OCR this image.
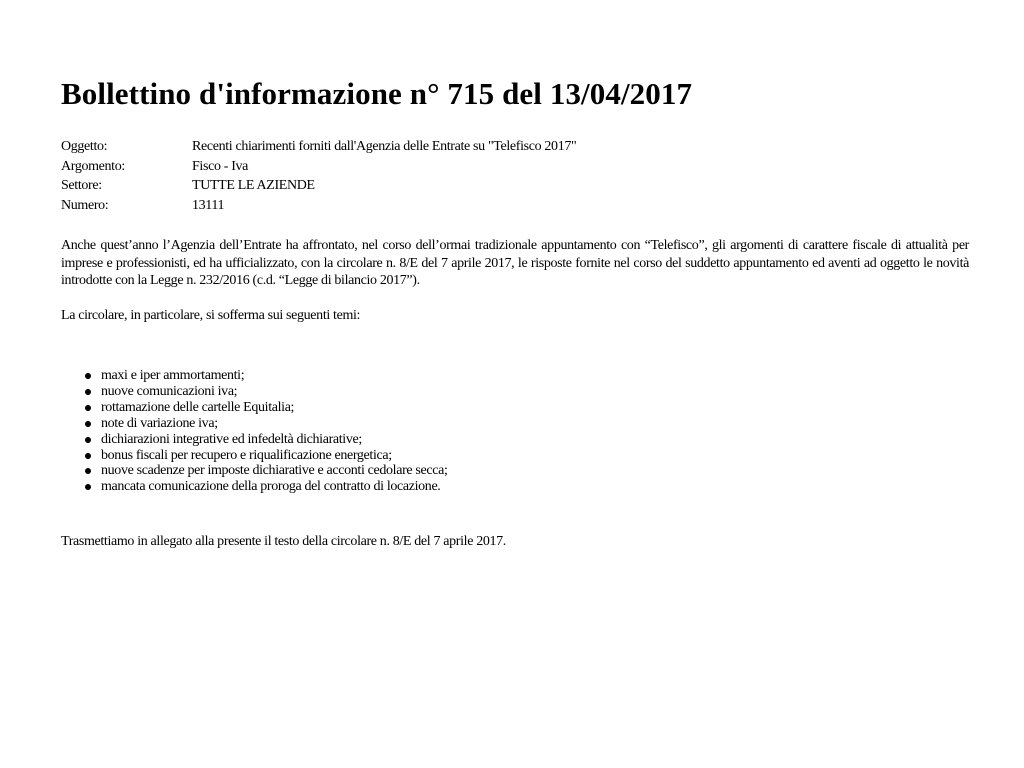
Bollettino d'informazione n° 715 del 13/04/2017
Oggetto:	Recenti chiarimenti forniti dall'Agenzia delle Entrate su "Telefisco 2017"
Argomento:	Fisco - Iva
Settore:	TUTTE LE AZIENDE
Numero:	13111

Anche quest’anno l’Agenzia dell’Entrate ha affrontato, nel corso dell’ormai tradizionale appuntamento con “Telefisco”, gli argomenti di carattere fiscale di attualità per imprese e professionisti, ed ha ufficializzato, con la circolare n. 8/E del 7 aprile 2017, le risposte fornite nel corso del suddetto appuntamento ed aventi ad oggetto le novità introdotte con la Legge n. 232/2016 (c.d. “Legge di bilancio 2017”).

La circolare, in particolare, si sofferma sui seguenti temi:

maxi e iper ammortamenti;
nuove comunicazioni iva;
rottamazione delle cartelle Equitalia;
note di variazione iva;
dichiarazioni integrative ed infedeltà dichiarative;
bonus fiscali per recupero e riqualificazione energetica;
nuove scadenze per imposte dichiarative e acconti cedolare secca;
mancata comunicazione della proroga del contratto di locazione.

Trasmettiamo in allegato alla presente il testo della circolare n. 8/E del 7 aprile 2017.
